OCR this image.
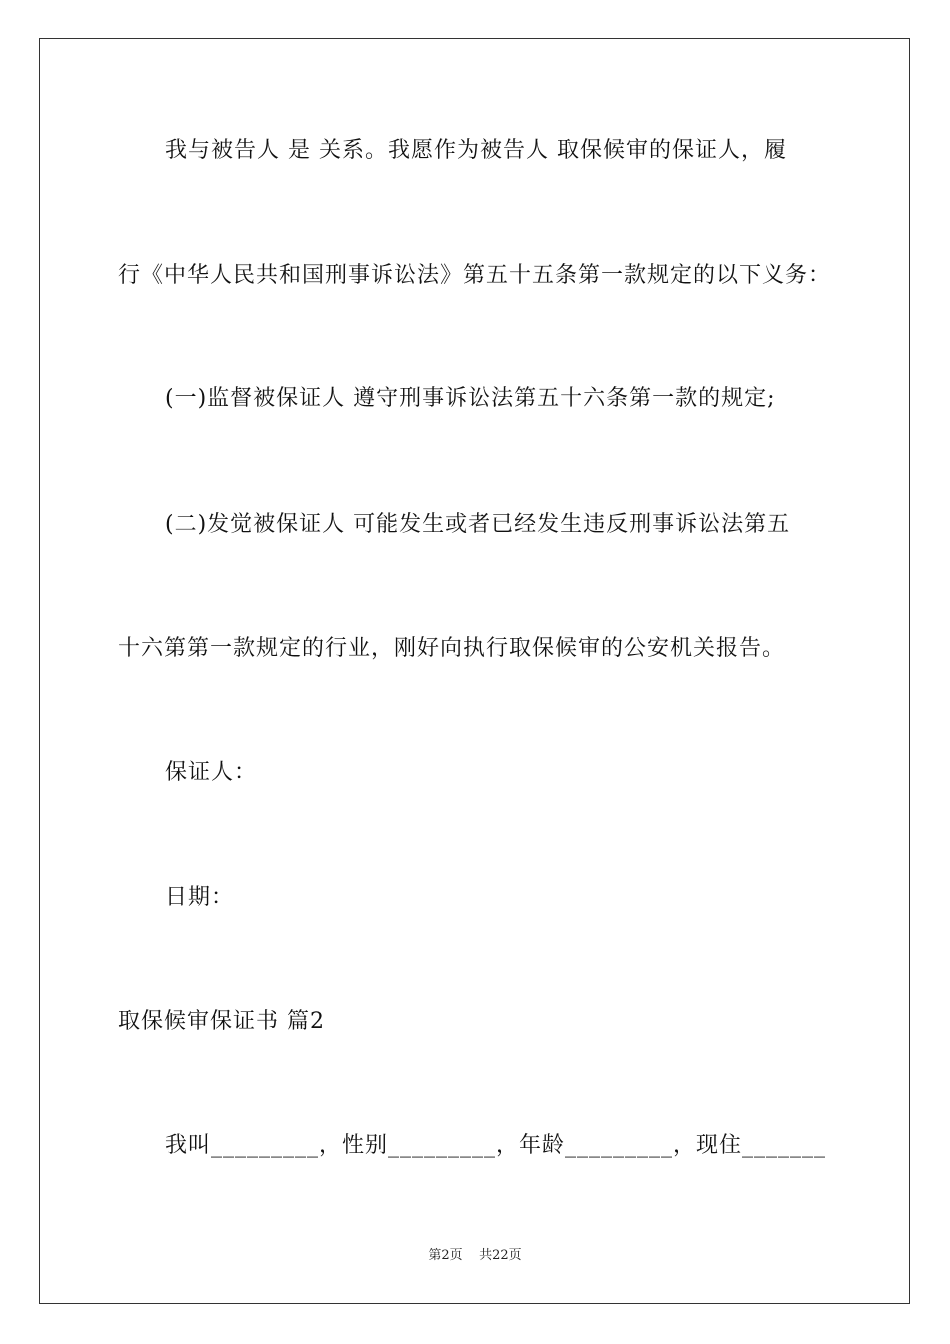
我与被告人 是 关系。我愿作为被告人 取保候审的保证人，履
行《中华人民共和国刑事诉讼法》第五十五条第一款规定的以下义务：
(一)监督被保证人 遵守刑事诉讼法第五十六条第一款的规定;
(二)发觉被保证人 可能发生或者已经发生违反刑事诉讼法第五
十六第第一款规定的行业，刚好向执行取保候审的公安机关报告。
保证人：
日期：
取保候审保证书 篇2
我叫_________，性别_________，年龄_________，现住_______
第2页 共22页
